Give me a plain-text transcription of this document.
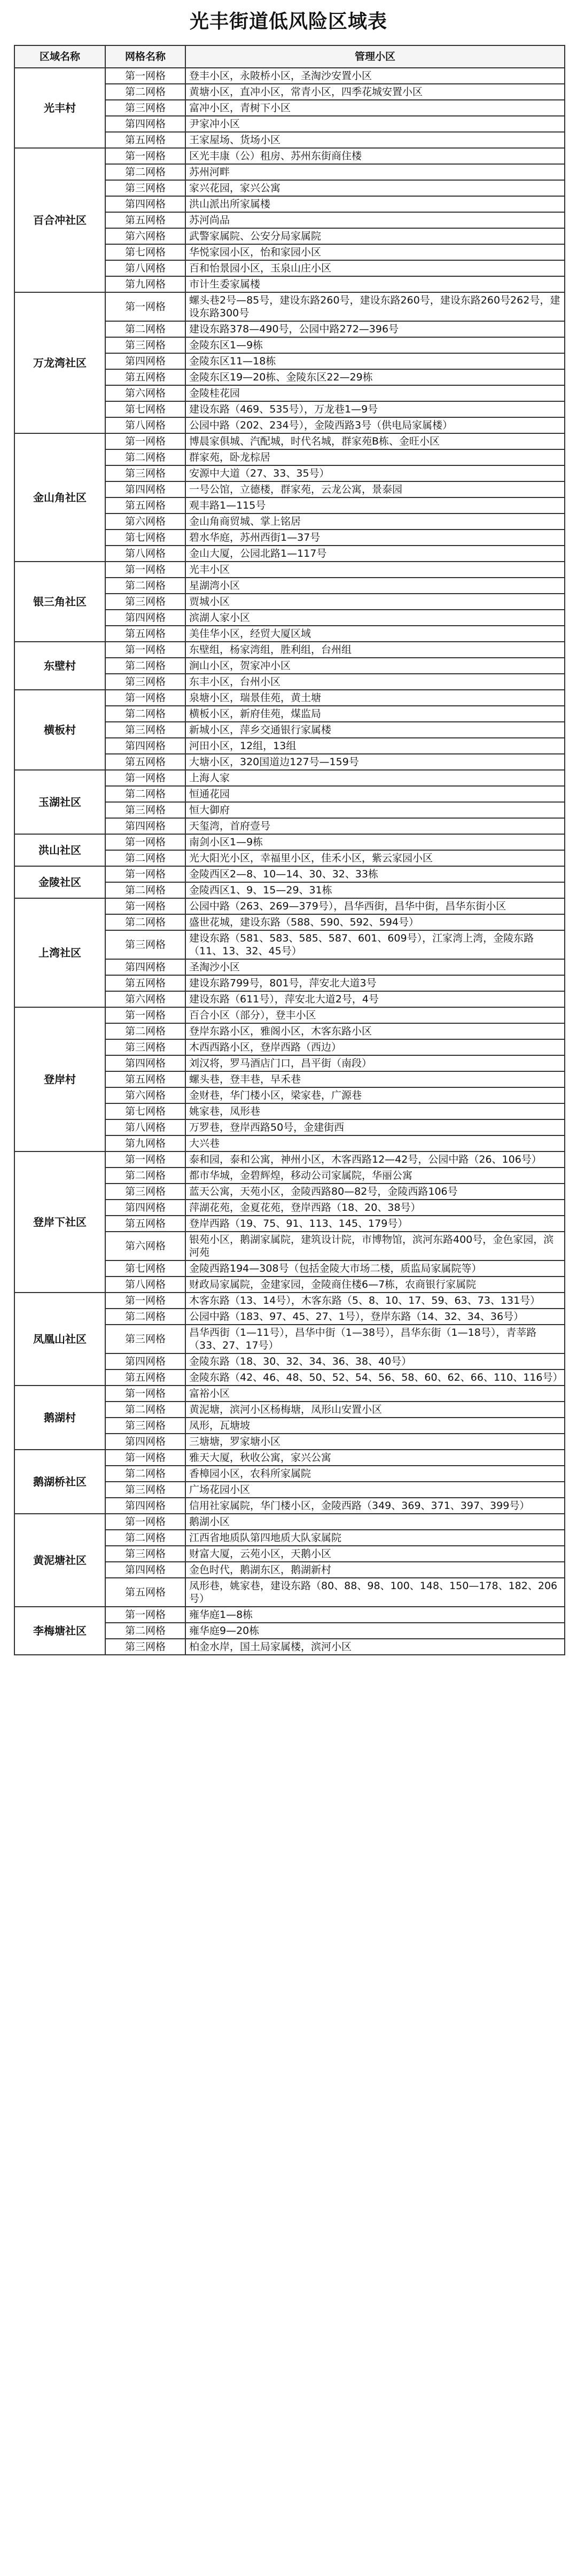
光丰街道低风险区域表
区域名称	网格名称	管理小区
光丰村	第一网格	登丰小区，永陂桥小区，圣淘沙安置小区
	第二网格	黄塘小区，直冲小区，常青小区，四季花城安置小区
	第三网格	富冲小区，青树下小区
	第四网格	尹家冲小区
	第五网格	王家屋场、货场小区
百合冲社区	第一网格	区光丰康（公）租房、苏州东街商住楼
	第二网格	苏州河畔
	第三网格	家兴花园，家兴公寓
	第四网格	洪山派出所家属楼
	第五网格	苏河尚品
	第六网格	武警家属院、公安分局家属院
	第七网格	华悦家园小区，怡和家园小区
	第八网格	百和怡景园小区，玉泉山庄小区
	第九网格	市计生委家属楼
万龙湾社区	第一网格	螺头巷2号—85号，建设东路260号，建设东路260号，建设东路260号262号，建设东路300号
	第二网格	建设东路378—490号，公园中路272—396号
	第三网格	金陵东区1—9栋
	第四网格	金陵东区11—18栋
	第五网格	金陵东区19—20栋、金陵东区22—29栋
	第六网格	金陵桂花园
	第七网格	建设东路（469、535号），万龙巷1—9号
	第八网格	公园中路（202、234号），金陵西路3号（供电局家属楼）
金山角社区	第一网格	博晨家俱城、汽配城，时代名城，群家苑B栋、金旺小区
	第二网格	群家苑，卧龙棕居
	第三网格	安源中大道（27、33、35号）
	第四网格	一号公馆，立德楼，群家苑，云龙公寓，景泰园
	第五网格	观丰路1—115号
	第六网格	金山角商贸城、掌上铭居
	第七网格	碧水华庭，苏州西街1—37号
	第八网格	金山大厦，公园北路1—117号
银三角社区	第一网格	光丰小区
	第二网格	星湖湾小区
	第三网格	贾城小区
	第四网格	滨湖人家小区
	第五网格	美佳华小区，经贸大厦区域
东壁村	第一网格	东壁组，杨家湾组，胜利组，台州组
	第二网格	涧山小区，贺家冲小区
	第三网格	东丰小区，台州小区
横板村	第一网格	泉塘小区，瑞景佳苑，黄土塘
	第二网格	横板小区，新府佳苑，煤监局
	第三网格	新城小区，萍乡交通银行家属楼
	第四网格	河田小区，12组，13组
	第五网格	大塘小区，320国道边127号—159号
玉湖社区	第一网格	上海人家
	第二网格	恒通花园
	第三网格	恒大御府
	第四网格	天玺湾，首府壹号
洪山社区	第一网格	南剑小区1—9栋
	第二网格	光大阳光小区，幸福里小区，佳禾小区，紫云家园小区
金陵社区	第一网格	金陵西区2—8、10—14、30、32、33栋
	第二网格	金陵西区1、9、15—29、31栋
上湾社区	第一网格	公园中路（263、269—379号），昌华西街，昌华中街，昌华东街小区
	第二网格	盛世花城，建设东路（588、590、592、594号）
	第三网格	建设东路（581、583、585、587、601、609号），江家湾上湾，金陵东路（11、13、32、45号）
	第四网格	圣淘沙小区
	第五网格	建设东路799号，801号，萍安北大道3号
	第六网格	建设东路（611号），萍安北大道2号，4号
登岸村	第一网格	百合小区（部分），登丰小区
	第二网格	登岸东路小区，雅阁小区，木客东路小区
	第三网格	木西西路小区，登岸西路（西边）
	第四网格	刘汉将，罗马酒店门口，昌平街（南段）
	第五网格	螺头巷，登丰巷，早禾巷
	第六网格	金财巷，华门楼小区，梁家巷，广源巷
	第七网格	姚家巷，凤形巷
	第八网格	万罗巷，登岸西路50号，金建街西
	第九网格	大兴巷
登岸下社区	第一网格	泰和园，泰和公寓，神州小区，木客西路12—42号，公园中路（26、106号）
	第二网格	都市华城，金碧辉煌，移动公司家属院，华丽公寓
	第三网格	蓝天公寓，天苑小区，金陵西路80—82号，金陵西路106号
	第四网格	萍湖花苑，金夏花苑，登岸西路（18、20、38号）
	第五网格	登岸西路（19、75、91、113、145、179号）
	第六网格	银苑小区，鹅湖家属院，建筑设计院，市博物馆，滨河东路400号，金色家园，滨河苑
	第七网格	金陵西路194—308号（包括金陵大市场二楼，质监局家属院等）
	第八网格	财政局家属院，金建家园，金陵商住楼6—7栋，农商银行家属院
凤凰山社区	第一网格	木客东路（13、14号），木客东路（5、8、10、17、59、63、73、131号）
	第二网格	公园中路（183、97、45、27、1号），登岸东路（14、32、34、36号）
	第三网格	昌华西街（1—11号），昌华中街（1—38号），昌华东街（1—18号），青莘路（33、27、17号）
	第四网格	金陵东路（18、30、32、34、36、38、40号）
	第五网格	金陵东路（42、46、48、50、52、54、56、58、60、62、66、110、116号）
鹅湖村	第一网格	富裕小区
	第二网格	黄泥塘，滨河小区杨梅塘，凤形山安置小区
	第三网格	凤形，瓦塘坡
	第四网格	三塘塘，罗家塘小区
鹅湖桥社区	第一网格	雅天大厦，秋收公寓，家兴公寓
	第二网格	香樟园小区，农科所家属院
	第三网格	广场花园小区
	第四网格	信用社家属院，华门楼小区，金陵西路（349、369、371、397、399号）
黄泥塘社区	第一网格	鹅湖小区
	第二网格	江西省地质队第四地质大队家属院
	第三网格	财富大厦，云苑小区，天鹅小区
	第四网格	金色时代，鹅湖东区，鹅湖新村
	第五网格	凤形巷，姚家巷，建设东路（80、88、98、100、148、150—178、182、206号）
李梅塘社区	第一网格	雍华庭1—8栋
	第二网格	雍华庭9—20栋
	第三网格	柏金水岸，国土局家属楼，滨河小区
